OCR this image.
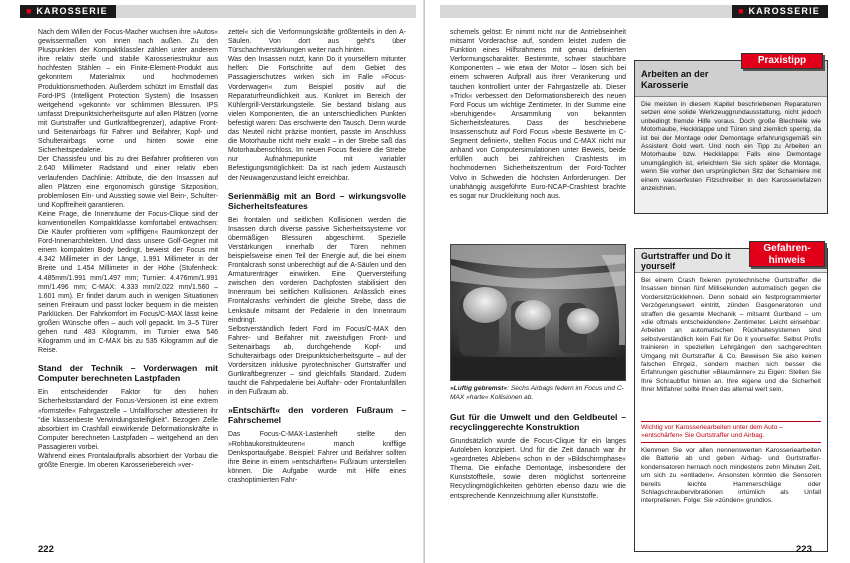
■ KAROSSERIE

Nach dem Willen der Focus-Macher wuchsen ihre »Autos« gewissermaßen von innen nach außen. Zu den Pluspunkten der Kompaktklassler zählen unter anderem ihre relativ steife und stabile Karosseriestruktur aus hochfesten Stählen – ein Finite-Element-Produkt aus gekonntem Materialmix und hochmodernen Produktionsmethoden. Außerdem schützt im Ernstfall das Ford-IPS (Intelligent Protection System) die Insassen weitgehend »gekonnt« vor schlimmen Blessuren. IPS umfasst Dreipunktsicherheitsgurte auf allen Plätzen (vorne mit Gurtstraffer und Gurtkraftbegrenzer), adaptive Front- und Seitenairbags für Fahrer und Beifahrer, Kopf- und Schulterairbags vorne und hinten sowie eine Sicherheitspedalerie.

Der Chassisfeu und bis zu drei Beifahrer profitieren von 2.640 Millimeter Radstand und einer relativ eben verlaufenden Dachlinie: Attribute, die den Insassen auf allen Plätzen eine ergonomisch günstige Sitzposition, problemlosen Ein- und Ausstieg sowie viel Bein-, Schulter- und Kopffreiheit garantieren.

Keine Frage, die Innenräume der Focus-Clique sind der konventionellen Kompaktklasse komfortabel entwachsen: Die Käufer profitieren vom »pfiffigen« Raumkonzept der Ford-Innenarchitekten. Und dass unsere Golf-Gegner mit einem kompakten Body bedingt, beweist der Focus mit 4.342 Millimeter in der Länge, 1.991 Millimeter in der Breite und 1.454 Millimeter in der Höhe (Stufenheck: 4.485mm/1.991 mm/1.497 mm; Turnier: 4.476mm/1.991 mm/1.496 mm; C-MAX: 4.333 mm/2.022 mm/1.560 – 1.601 mm). Er findet darum auch in wenigen Situationen seinen Freiraum und passt locker bequem in die meisten Parklücken. Der Fahrkomfort im Focus/C-MAX lässt keine großen Wünsche offen – auch voll gepackt. Im 3–5 Türer gehen rund 483 Kilogramm, im Turnier etwa 546 Kilogramm und im C-MAX bis zu 535 Kilogramm auf die Reise.

Stand der Technik – Vorderwagen mit Computer berechneten Lastpfaden

Ein entscheidender Faktor für den hohen Sicherheitsstandard der Focus-Versionen ist eine extrem »formsteife« Fahrgastzelle – Unfallforscher attestieren ihr "die klassenbeste Verwindungssteifigkeit". Bezogen Zelle absorbiert im Crashfall einwirkende Deformationskräfte in Computer berechneten Lastpfaden – weitgehend an den Passagieren vorbei.

Während eines Frontalaufpralls absorbiert der Vorbau die größte Energie. Im oberen Karosseriebereich »ver-

zettel« sich die Verformungskräfte größtenteils in den A-Säulen. Von dort aus geht's über Türschachtverstärkungen weiter nach hinten.

Was den Insassen nutzt, kann Do it yourselfern mitunter helfen: Die Fortschritte auf dem Gebiet des Passagierschutzes wirken sich im Falle »Focus-Vorderwagen« zum Beispiel positiv auf die Reparaturfreundlichkeit aus. Konkret im Bereich der Kühlergrill-Verstärkungsteile. Sie bestand bislang aus vielen Komponenten, die an unterschiedlichen Punkten befestigt waren: Das erschwerte den Tausch. Denn wurde das Neuteil nicht präzise montiert, passte im Anschluss die Motorhaube nicht mehr exakt – in der Strebe saß das Motorhaubenschloss. Im neuen Focus flexiere die Strebe nur Aufnahmepunkte mit variabler Befestigungsmöglichkeit: Da ist nach jedem Austausch der Neuwagenzustand leicht erreichbar.

Serienmäßig mit an Bord – wirkungsvolle Sicherheitsfeatures

Bei frontalen und seitlichen Kollisionen werden die Insassen durch diverse passive Sicherheitssysteme vor übermäßigen Blessuren abgeschirmt. Spezielle Verstärkungen innerhalb der Türen nehmen beispielsweise einen Teil der Energie auf, die bei einem Frontalcrash sonst unberechtigt auf die A-Säulen und den Armaturenträger einwirken. Eine Querversteifung zwischen den vorderen Dachpfosten stabilisiert den Innenraum bei seitlichen Kollisionen. Anlässlich eines Frontalcrashs verhindert die gleiche Strebe, dass die Lenksäule mitsamt der Pedalerie in den Innenraum eindringt.

Selbstverständlich federt Ford im Focus/C-MAX den Fahrer- und Beifahrer mit zweistufigen Front- und Seitenairbags ab, durchgehende Kopf- und Schulterairbags oder Dreipunktsicherheitsgurte – auf der Vordersitzen inklusive pyrotechnischer Gurtstraffer und Gurtkraftbegrenzer – sind gleichfalls Standard. Zudem taucht die Fahrpedalerie bei Auffahr- oder Frontalunfällen in den Fußraum ab.

»Entschärft« den vorderen Fußraum – Fahrschemel

Das Focus-C-MAX-Lastenheft stellte den »Rohbaukonstrukteuren« manch knifflige Denksportaufgabe. Beispiel: Fahrer und Beifahrer sollten ihre Beine in einem »entschärften« Fußraum unterstellen können. Die Aufgabe wurde mit Hilfe eines crashoptimierten Fahr-

222
■ KAROSSERIE

schemels gelöst: Er nimmt nicht nur die Antriebseinheit mitsamt Vorderachse auf, sondern leistet zudem die Funktion eines Hilfsrahmens mit genau definierten Verformungscharakter. Bestimmte, schwer stauchbare Komponenten – wie etwa der Motor – lösen sich bei einem schweren Aufprall aus ihrer Verankerung und tauchen kontrolliert unter der Fahrgastzelle ab. Dieser »Trick« verbessert den Deformationsbereich des neuen Ford Focus um wichtige Zentimeter. In der Summe eine »beruhigende« Ansammlung von bekannten Sicherheitsfeatures. Dass der beschriebene Insassenschutz auf Ford Focus »beste Bestwerte im C-Segment definiert«, stellten Focus und C-MAX nicht nur anhand von Computersimulationen unter Beweis, beide erfüllen auch bei zahlreichen Crashtests im hochmodernen Sicherheitszentrum der Ford-Tochter Volvo in Schweden die höchsten Anforderungen. Der unabhängig ausgeführte Euro-NCAP-Crashtest brachte es sogar nur Druckleitung noch aus.

»Luftig gebremst«: Sechs Airbags federn im Focus und C-MAX »harte« Kollisionen ab.
Gut für die Umwelt und den Geldbeutel – recyclinggerechte Konstruktion

Grundsätzlich wurde die Focus-Clique für ein langes Autoleben konzipiert. Und für die Zeit danach war ihr »geordnetes Ableben« schon in der »Bildschirmphase« Thema. Die einfache Demontage, insbesondere der Kunststoffteile, sowie deren möglichst sortenreine Recyclingmöglichkeiten gehörten ebenso dazu wie die entsprechende Kennzeichnung aller Kunststoffe.

Arbeiten an der Karosserie
Die meisten in diesem Kapitel beschriebenen Reparaturen setzen eine solide Werkzeuggrundausstattung, nicht jedoch unbedingt fremde Hilfe voraus. Doch große Blechteile wie Motorhaube, Heckklappe und Türen sind ziemlich sperrig, da ist bei der Montage oder Demontage erfahrungsgemäß ein Assistent Gold wert. Und noch ein Tipp zu Arbeiten an Motorhaube bzw. Heckklappe: Falls eine Demontage unumgänglich ist, erleichtern Sie sich später die Montage, wenn Sie vorher den ursprünglichen Sitz der Scharniere mit einem wasserfesten Filzschreiber in den Karosseriefalzen anzeichnen.
Praxistipp
Gurtstraffer und Do it yourself
Bei einem Crash fixieren pyrotechnische Gurtstraffer die Insassen binnen fünf Millisekunden automatisch gegen die Vordersitzrücklehnen. Denn sobald ein festprogrammierter Verzögerungswert eintritt, zünden Gasgeneratoren und straffen die gesamte Mechanik – mitsamt Gurtband – um »die oftmals entscheidenden« Zentimeter. Leicht einsehbar: Arbeiten an automatischen Rückhaltesystemen sind selbstverständlich kein Fall für Do it yourselfer. Selbst Profis trainieren in speziellen Lehrgängen den sachgerechten Umgang mit Gurtstraffer & Co. Beweisen Sie also keinen falschen Ehrgeiz, sondern machen sich besser die Erfahrungen geschulter »Blaumänner« zu Eigen: Stellen Sie Ihre Schraubflut hinten an. Ihre eigene und die Sicherheit Ihrer Mitfahrer sollte Ihnen das allemal wert sein.
Wichtig vor Karosseriearbeiten unter dem Auto – »entschärfen« Sie Gurtstraffer und Airbag.
Klemmen Sie vor allen nennenswerten Karosseriearbeiten die Batterie ab und geben Airbag- und Gurtstraffer-kondensatoren hernach noch mindestens zehn Minuten Zeit, um sich zu »entladen«. Ansonsten könnten die Sensoren bereits leichte Hammerschläge oder Schlagschraubervibrationen irrtümlich als Unfall interpretieren. Folge: Sie »zünden« grundlos.
Gefahren-
hinweis
223
